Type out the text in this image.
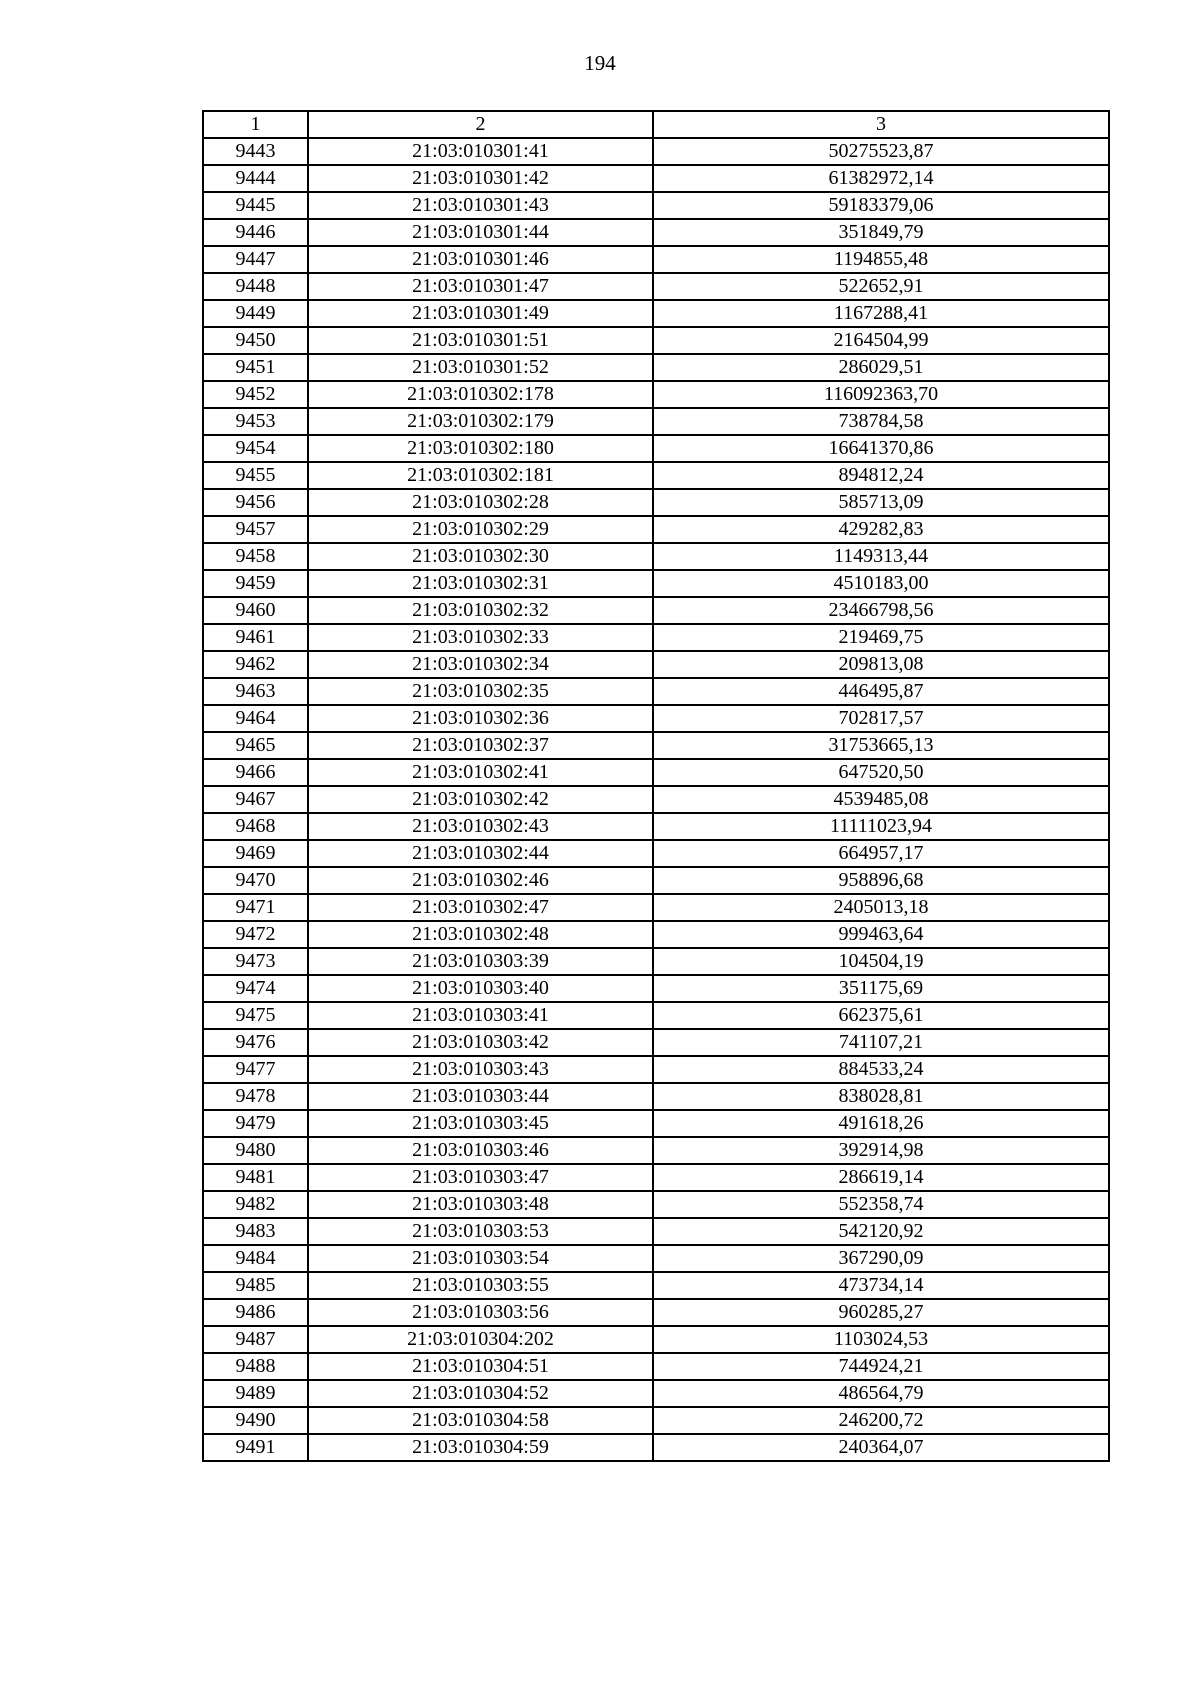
194
1	2	3
9443	21:03:010301:41	50275523,87
9444	21:03:010301:42	61382972,14
9445	21:03:010301:43	59183379,06
9446	21:03:010301:44	351849,79
9447	21:03:010301:46	1194855,48
9448	21:03:010301:47	522652,91
9449	21:03:010301:49	1167288,41
9450	21:03:010301:51	2164504,99
9451	21:03:010301:52	286029,51
9452	21:03:010302:178	116092363,70
9453	21:03:010302:179	738784,58
9454	21:03:010302:180	16641370,86
9455	21:03:010302:181	894812,24
9456	21:03:010302:28	585713,09
9457	21:03:010302:29	429282,83
9458	21:03:010302:30	1149313,44
9459	21:03:010302:31	4510183,00
9460	21:03:010302:32	23466798,56
9461	21:03:010302:33	219469,75
9462	21:03:010302:34	209813,08
9463	21:03:010302:35	446495,87
9464	21:03:010302:36	702817,57
9465	21:03:010302:37	31753665,13
9466	21:03:010302:41	647520,50
9467	21:03:010302:42	4539485,08
9468	21:03:010302:43	11111023,94
9469	21:03:010302:44	664957,17
9470	21:03:010302:46	958896,68
9471	21:03:010302:47	2405013,18
9472	21:03:010302:48	999463,64
9473	21:03:010303:39	104504,19
9474	21:03:010303:40	351175,69
9475	21:03:010303:41	662375,61
9476	21:03:010303:42	741107,21
9477	21:03:010303:43	884533,24
9478	21:03:010303:44	838028,81
9479	21:03:010303:45	491618,26
9480	21:03:010303:46	392914,98
9481	21:03:010303:47	286619,14
9482	21:03:010303:48	552358,74
9483	21:03:010303:53	542120,92
9484	21:03:010303:54	367290,09
9485	21:03:010303:55	473734,14
9486	21:03:010303:56	960285,27
9487	21:03:010304:202	1103024,53
9488	21:03:010304:51	744924,21
9489	21:03:010304:52	486564,79
9490	21:03:010304:58	246200,72
9491	21:03:010304:59	240364,07
